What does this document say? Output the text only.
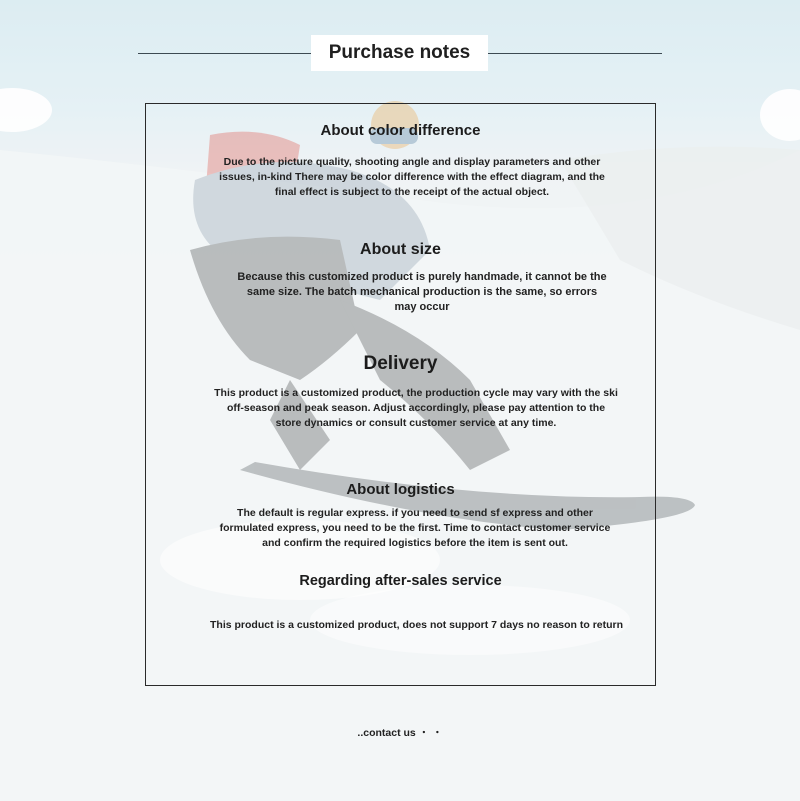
Purchase notes
About color difference
Due to the picture quality, shooting angle and display parameters and other issues, in-kind There may be color difference with the effect diagram, and the final effect is subject to the receipt of the actual object.
About size
Because this customized product is purely handmade, it cannot be the same size. The batch mechanical production is the same, so errors may occur
Delivery
This product is a customized product, the production cycle may vary with the ski off-season and peak season. Adjust accordingly, please pay attention to the store dynamics or consult customer service at any time.
About logistics
The default is regular express. if you need to send sf express and other formulated express, you need to be the first. Time to contact customer service and confirm the required logistics before the item is sent out.
Regarding after-sales service
This product is a customized product, does not support 7 days no reason to return
..contact us ・ ・
